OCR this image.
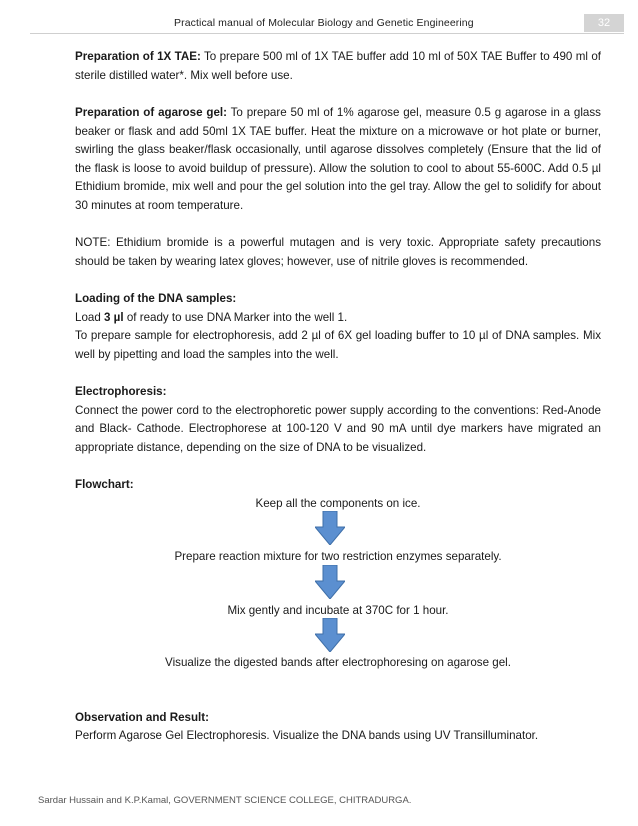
Practical manual of Molecular Biology and Genetic Engineering	32

Preparation of 1X TAE: To prepare 500 ml of 1X TAE buffer add 10 ml of 50X TAE Buffer to 490 ml of sterile distilled water*. Mix well before use.

Preparation of agarose gel: To prepare 50 ml of 1% agarose gel, measure 0.5 g agarose in a glass beaker or flask and add 50ml 1X TAE buffer. Heat the mixture on a microwave or hot plate or burner, swirling the glass beaker/flask occasionally, until agarose dissolves completely (Ensure that the lid of the flask is loose to avoid buildup of pressure). Allow the solution to cool to about 55-600C. Add 0.5 µl Ethidium bromide, mix well and pour the gel solution into the gel tray. Allow the gel to solidify for about 30 minutes at room temperature.

NOTE: Ethidium bromide is a powerful mutagen and is very toxic. Appropriate safety precautions should be taken by wearing latex gloves; however, use of nitrile gloves is recommended.

Loading of the DNA samples:
Load 3 µl of ready to use DNA Marker into the well 1.
To prepare sample for electrophoresis, add 2 µl of 6X gel loading buffer to 10 µl of DNA samples. Mix well by pipetting and load the samples into the well.
Electrophoresis:
Connect the power cord to the electrophoretic power supply according to the conventions: Red-Anode and Black- Cathode. Electrophorese at 100-120 V and 90 mA until dye markers have migrated an appropriate distance, depending on the size of DNA to be visualized.
Flowchart:
Keep all the components on ice.
Prepare reaction mixture for two restriction enzymes separately.
Mix gently and incubate at 370C for 1 hour.
Visualize the digested bands after electrophoresing on agarose gel.
Observation and Result:
Perform Agarose Gel Electrophoresis. Visualize the DNA bands using UV Transilluminator.
Sardar Hussain and K.P.Kamal, GOVERNMENT SCIENCE COLLEGE, CHITRADURGA.
